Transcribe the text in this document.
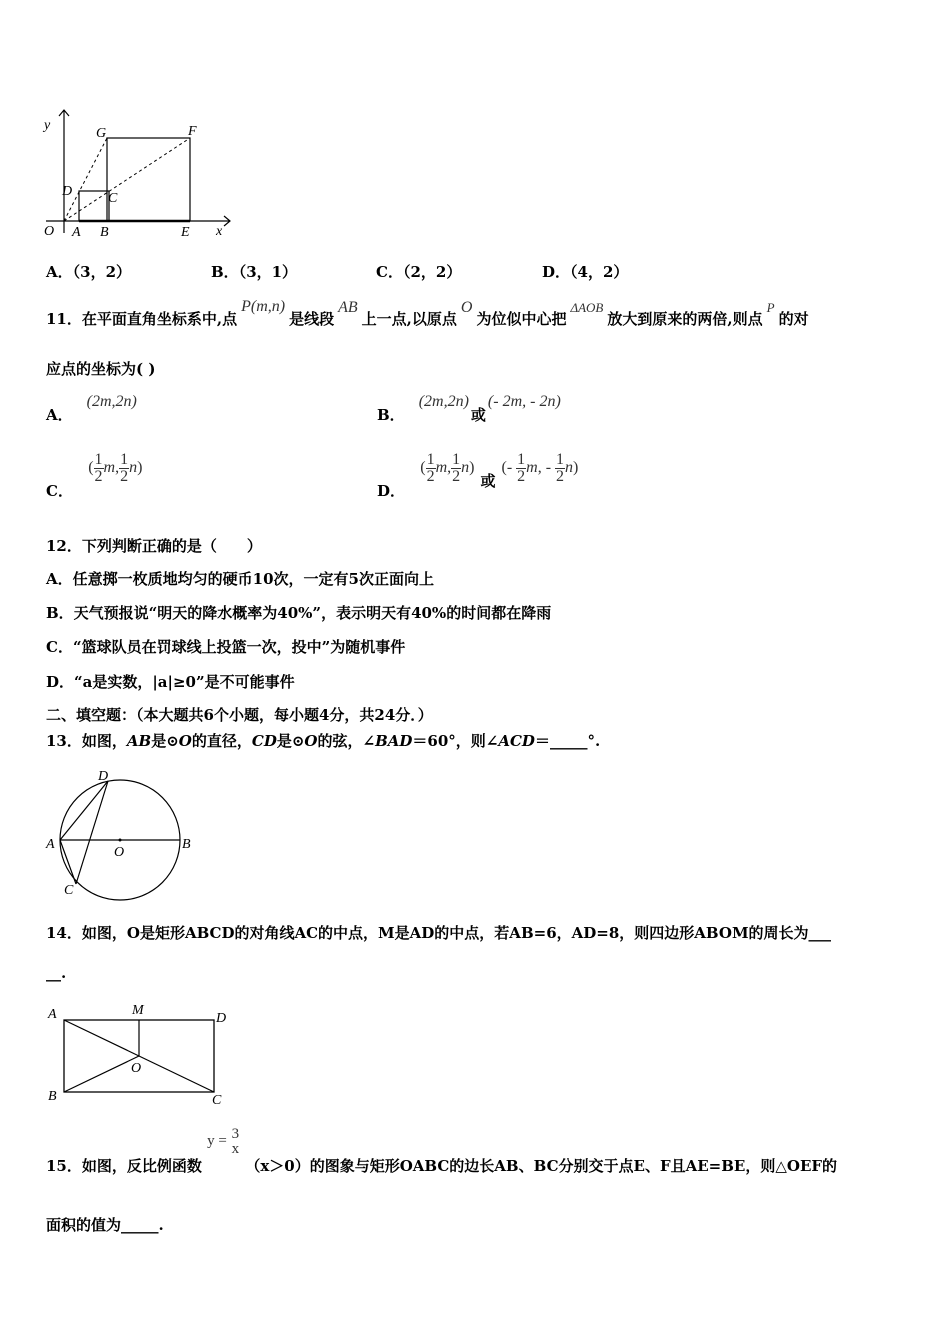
y
x
O A B	E
C
D
G	F
A．（3，2）	B．（3，1）	C．（2，2）	D．（4，2）
11．在平面直角坐标系中,点P(m,n)是线段AB上一点,以原点O为位似中心把ΔAOB放大到原来的两倍,则点P的对
应点的坐标为( )
A．(2m,2n)
B．(2m,2n)或(- 2m, - 2n)
C． ( $\frac{1}{2} m$, $\frac{1}{2} n$)
D． ( $\frac{1}{2} m$, $\frac{1}{2} n$) 或 (- $\frac{1}{2} m$, - $\frac{1}{2} n$)
12．下列判断正确的是（　　）
A．任意掷一枚质地均匀的硬币10次，一定有5次正面向上
B．天气预报说“明天的降水概率为40%”，表示明天有40%的时间都在降雨
C．“篮球队员在罚球线上投篮一次，投中”为随机事件
D．“a是实数，|a|≥0”是不可能事件
二、填空题：（本大题共6个小题，每小题4分，共24分．）
13．如图，AB是⊙O的直径，CD是⊙O的弦，∠BAD＝60°，则∠ACD＝_____°.
D
A
O
B
C
14．如图，O是矩形ABCD的对角线AC的中点，M是AD的中点，若AB=6，AD=8，则四边形ABOM的周长为___
__.
A	M
D
O
B	C
15．如图，反比例函数 y = 3
x
（x＞0）的图象与矩形OABC的边长AB、BC分别交于点E、F且AE=BE，则△OEF的
面积的值为_____.
